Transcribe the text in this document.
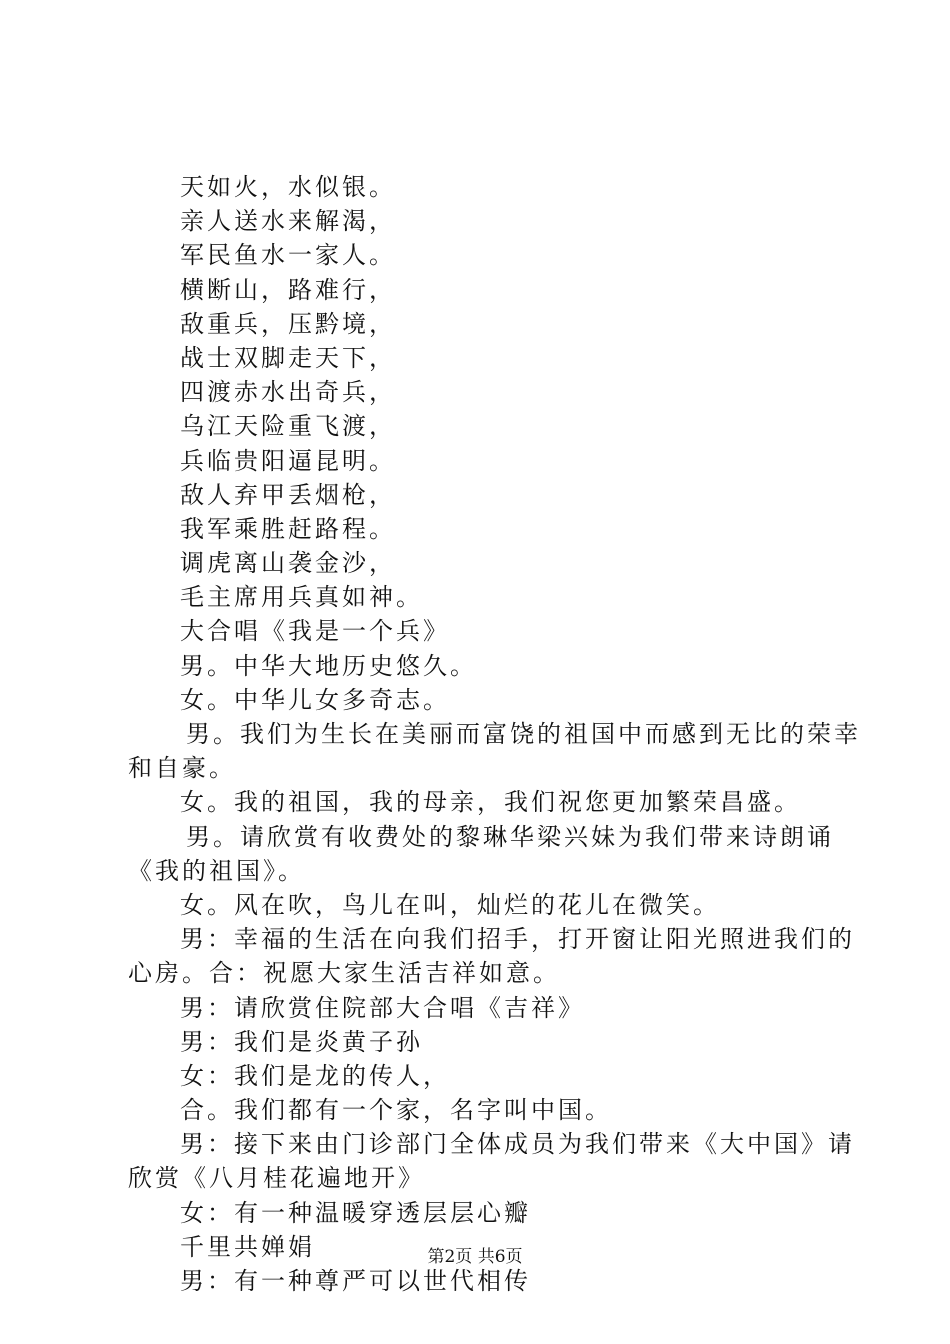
天如火，水似银。
亲人送水来解渴，
军民鱼水一家人。
横断山，路难行，
敌重兵，压黔境，
战士双脚走天下，
四渡赤水出奇兵，
乌江天险重飞渡，
兵临贵阳逼昆明。
敌人弃甲丢烟枪，
我军乘胜赶路程。
调虎离山袭金沙，
毛主席用兵真如神。
大合唱《我是一个兵》
男。中华大地历史悠久。
女。中华儿女多奇志。
男。我们为生长在美丽而富饶的祖国中而感到无比的荣幸
和自豪。
女。我的祖国，我的母亲，我们祝您更加繁荣昌盛。
男。请欣赏有收费处的黎琳华梁兴妹为我们带来诗朗诵
《我的祖国》。
女。风在吹，鸟儿在叫，灿烂的花儿在微笑。
男：幸福的生活在向我们招手，打开窗让阳光照进我们的
心房。合：祝愿大家生活吉祥如意。
男：请欣赏住院部大合唱《吉祥》
男：我们是炎黄子孙
女：我们是龙的传人，
合。我们都有一个家，名字叫中国。
男：接下来由门诊部门全体成员为我们带来《大中国》请
欣赏《八月桂花遍地开》
女：有一种温暖穿透层层心瓣
千里共婵娟
男：有一种尊严可以世代相传
第2页 共6页
